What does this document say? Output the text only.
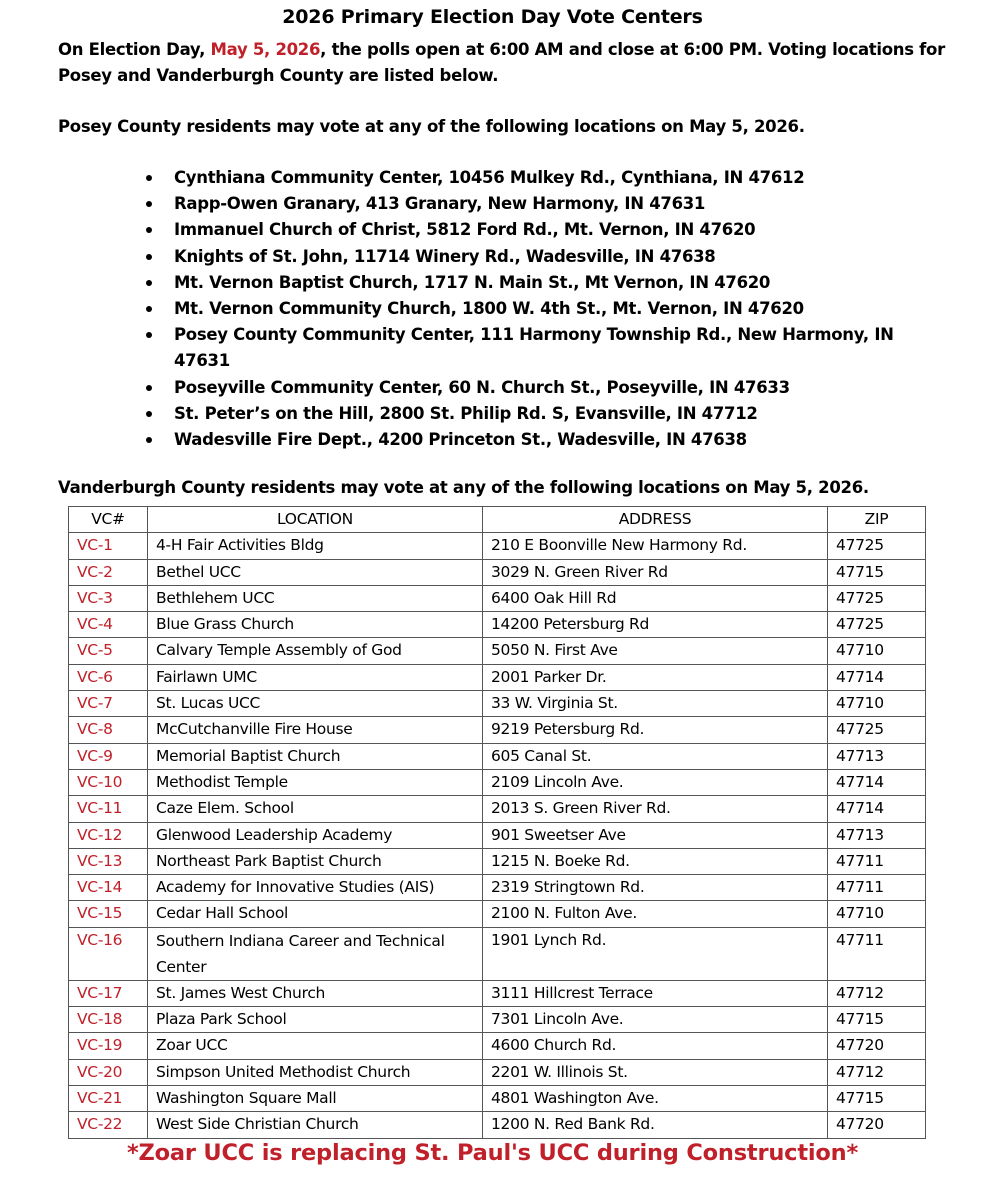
2026 Primary Election Day Vote Centers
On Election Day, May 5, 2026, the polls open at 6:00 AM and close at 6:00 PM. Voting locations for Posey and Vanderburgh County are listed below.
Posey County residents may vote at any of the following locations on May 5, 2026.
Cynthiana Community Center, 10456 Mulkey Rd., Cynthiana, IN 47612
Rapp-Owen Granary, 413 Granary, New Harmony, IN 47631
Immanuel Church of Christ, 5812 Ford Rd., Mt. Vernon, IN 47620
Knights of St. John, 11714 Winery Rd., Wadesville, IN 47638
Mt. Vernon Baptist Church, 1717 N. Main St., Mt Vernon, IN 47620
Mt. Vernon Community Church, 1800 W. 4th St., Mt. Vernon, IN 47620
Posey County Community Center, 111 Harmony Township Rd., New Harmony, IN 47631
Poseyville Community Center, 60 N. Church St., Poseyville, IN 47633
St. Peter’s on the Hill, 2800 St. Philip Rd. S, Evansville, IN 47712
Wadesville Fire Dept., 4200 Princeton St., Wadesville, IN 47638
Vanderburgh County residents may vote at any of the following locations on May 5, 2026.
VC#	LOCATION	ADDRESS	ZIP
VC-1	4-H Fair Activities Bldg	210 E Boonville New Harmony Rd.	47725
VC-2	Bethel UCC	3029 N. Green River Rd	47715
VC-3	Bethlehem UCC	6400 Oak Hill Rd	47725
VC-4	Blue Grass Church	14200 Petersburg Rd	47725
VC-5	Calvary Temple Assembly of God	5050 N. First Ave	47710
VC-6	Fairlawn UMC	2001 Parker Dr.	47714
VC-7	St. Lucas UCC	33 W. Virginia St.	47710
VC-8	McCutchanville Fire House	9219 Petersburg Rd.	47725
VC-9	Memorial Baptist Church	605 Canal St.	47713
VC-10	Methodist Temple	2109 Lincoln Ave.	47714
VC-11	Caze Elem. School	2013 S. Green River Rd.	47714
VC-12	Glenwood Leadership Academy	901 Sweetser Ave	47713
VC-13	Northeast Park Baptist Church	1215 N. Boeke Rd.	47711
VC-14	Academy for Innovative Studies (AIS)	2319 Stringtown Rd.	47711
VC-15	Cedar Hall School	2100 N. Fulton Ave.	47710
VC-16	Southern Indiana Career and Technical Center	1901 Lynch Rd.	47711
VC-17	St. James West Church	3111 Hillcrest Terrace	47712
VC-18	Plaza Park School	7301 Lincoln Ave.	47715
VC-19	Zoar UCC	4600 Church Rd.	47720
VC-20	Simpson United Methodist Church	2201 W. Illinois St.	47712
VC-21	Washington Square Mall	4801 Washington Ave.	47715
VC-22	West Side Christian Church	1200 N. Red Bank Rd.	47720
*Zoar UCC is replacing St. Paul's UCC during Construction*
